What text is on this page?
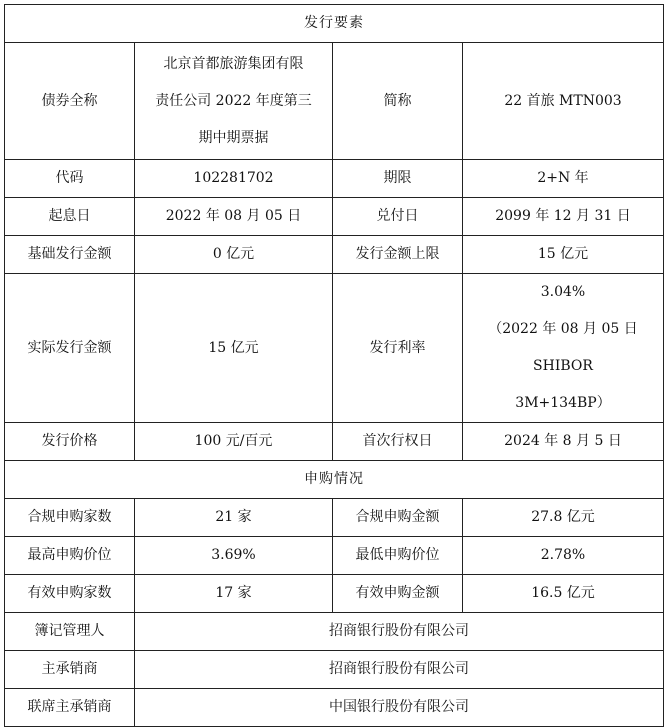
发行要素			
债券全称	北京首都旅游集团有限
责任公司 2022 年度第三
期中期票据	简称	22 首旅 MTN003
代码	102281702	期限	2+N 年
起息日	2022 年 08 月 05 日	兑付日	2099 年 12 月 31 日
基础发行金额	0 亿元	发行金额上限	15 亿元
实际发行金额	15 亿元	发行利率	3.04%
（2022 年 08 月 05 日 SHIBOR
3M+134BP）

发行价格	100 元/百元	首次行权日	2024 年 8 月 5 日
申购情况			
合规申购家数	21 家	合规申购金额	27.8 亿元
最高申购价位	3.69%	最低申购价位	2.78%
有效申购家数	17 家	有效申购金额	16.5 亿元
簿记管理人	招商银行股份有限公司		
主承销商	招商银行股份有限公司		
联席主承销商	中国银行股份有限公司		
